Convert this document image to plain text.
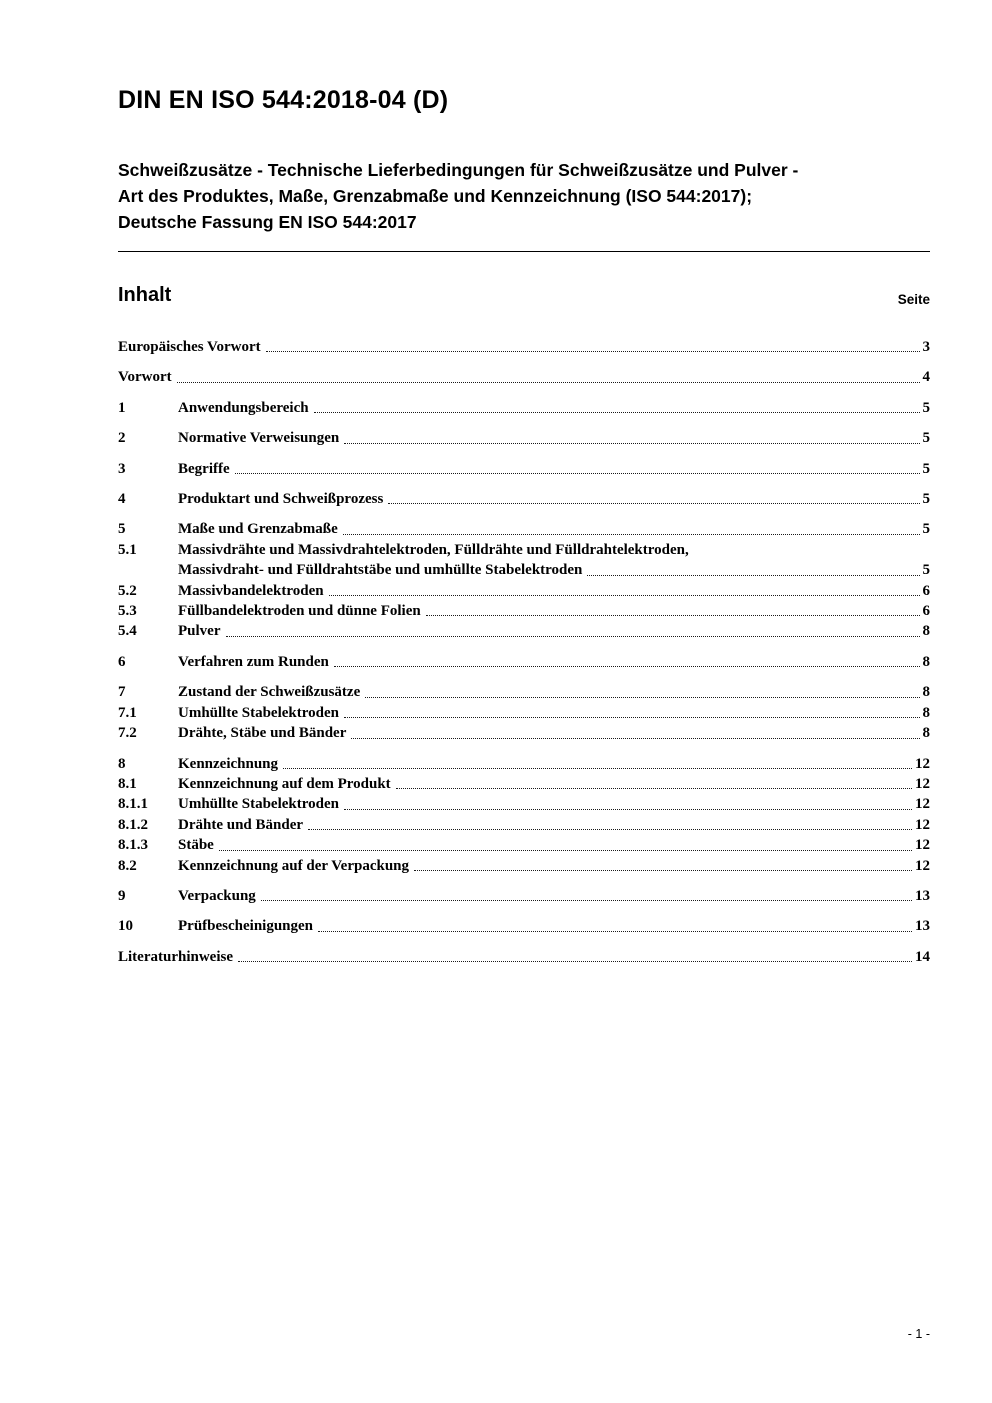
DIN EN ISO 544:2018-04 (D)
Schweißzusätze - Technische Lieferbedingungen für Schweißzusätze und Pulver -
Art des Produktes, Maße, Grenzabmaße und Kennzeichnung (ISO 544:2017);
Deutsche Fassung EN ISO 544:2017
Inhalt	Seite
Europäisches Vorwort	3
Vorwort	4
1	Anwendungsbereich	5
2	Normative Verweisungen	5
3	Begriffe	5
4	Produktart und Schweißprozess	5
5	Maße und Grenzabmaße	5
5.1	Massivdrähte und Massivdrahtelektroden, Fülldrähte und Fülldrahtelektroden,
Massivdraht- und Fülldrahtstäbe und umhüllte Stabelektroden	5
5.2	Massivbandelektroden	6
5.3	Füllbandelektroden und dünne Folien	6
5.4	Pulver	8
6	Verfahren zum Runden	8
7	Zustand der Schweißzusätze	8
7.1	Umhüllte Stabelektroden	8
7.2	Drähte, Stäbe und Bänder	8
8	Kennzeichnung	12
8.1	Kennzeichnung auf dem Produkt	12
8.1.1	Umhüllte Stabelektroden	12
8.1.2	Drähte und Bänder	12
8.1.3	Stäbe	12
8.2	Kennzeichnung auf der Verpackung	12
9	Verpackung	13
10	Prüfbescheinigungen	13
Literaturhinweise	14
- 1 -
